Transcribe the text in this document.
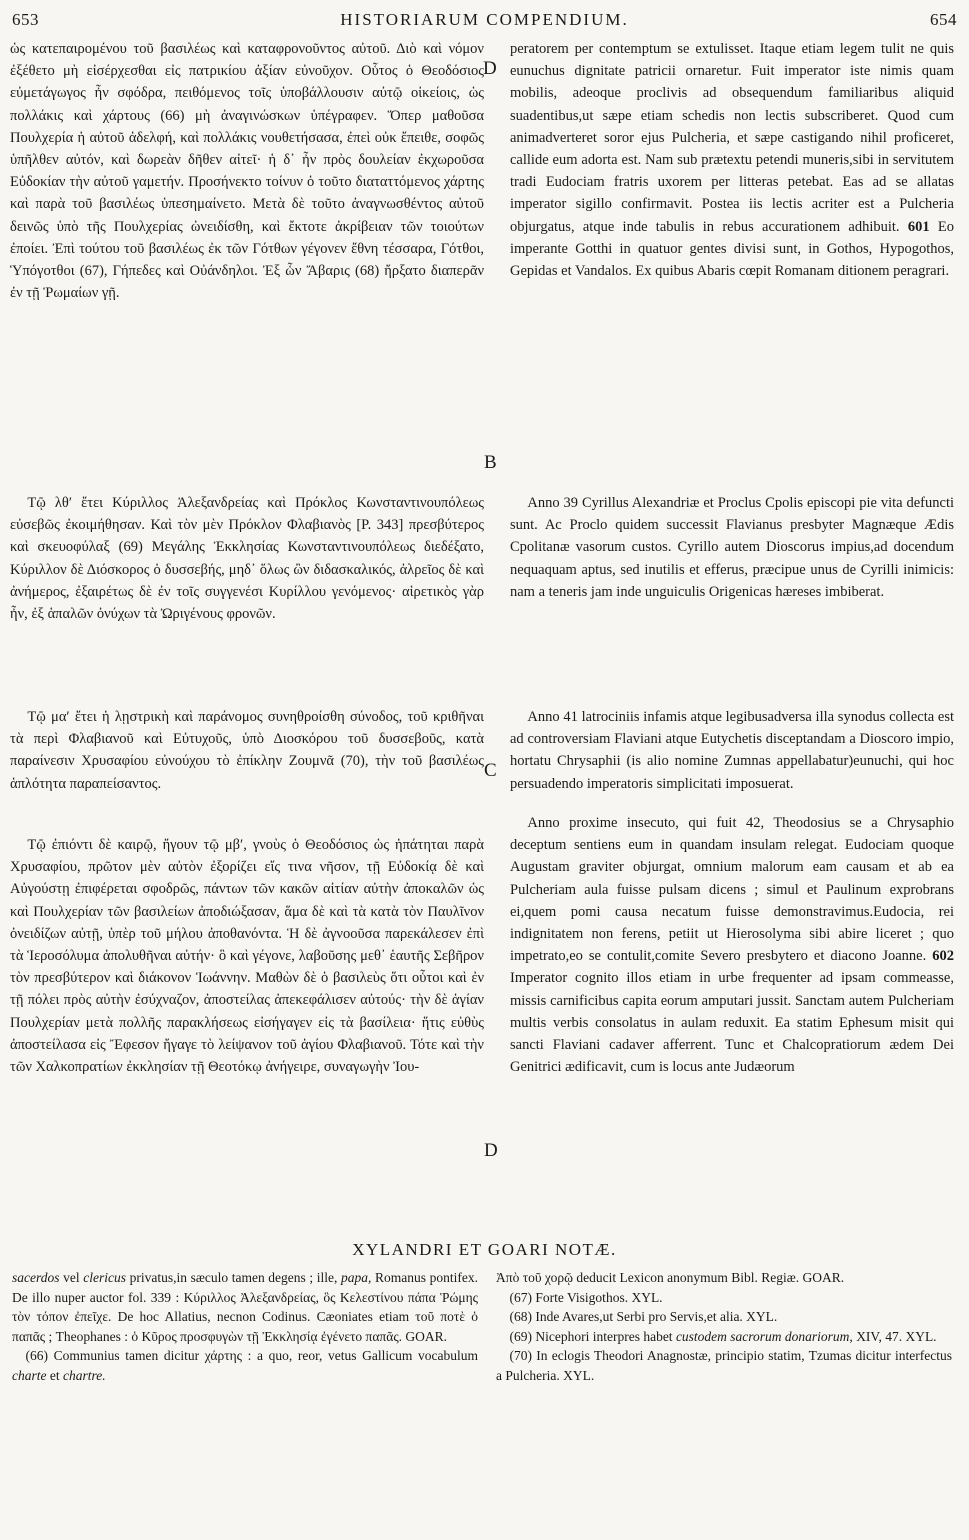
653	HISTORIARUM COMPENDIUM.	654
D
B
C
D

ὡς κατεπαιρομένου τοῦ βασιλέως καὶ καταφρονοῦντος αὐτοῦ. Διὸ καὶ νόμον ἐξέθετο μὴ εἰσέρχεσθαι εἰς πατρικίου ἀξίαν εὐνοῦχον. Οὗτος ὁ Θεοδόσιος εὐμετάγωγος ἦν σφόδρα, πειθόμενος τοῖς ὑποβάλλουσιν αὐτῷ οἰκείοις, ὡς πολλάκις καὶ χάρτους (66) μὴ ἀναγινώσκων ὑπέγραφεν. Ὅπερ μαθοῦσα Πουλχερία ἡ αὐτοῦ ἀδελφή, καὶ πολλάκις νουθετήσασα, ἐπεὶ οὐκ ἔπειθε, σοφῶς ὑπῆλθεν αὐτόν, καὶ δωρεὰν δῆθεν αἰτεῖ· ἡ δ᾽ ἦν πρὸς δουλείαν ἐκχωροῦσα Εὐδοκίαν τὴν αὐτοῦ γαμετήν. Προσήνεκτο τοίνυν ὁ τοῦτο διαταττόμενος χάρτης καὶ παρὰ τοῦ βασιλέως ὑπεσημαίνετο. Μετὰ δὲ τοῦτο ἀναγνωσθέντος αὐτοῦ δεινῶς ὑπὸ τῆς Πουλχερίας ὠνειδίσθη, καὶ ἔκτοτε ἀκρίβειαν τῶν τοιούτων ἐποίει. Ἐπὶ τούτου τοῦ βασιλέως ἐκ τῶν Γότθων γέγονεν ἔθνη τέσσαρα, Γότθοι, Ὑπόγοτθοι (67), Γήπεδες καὶ Οὐάνδηλοι. Ἐξ ὧν Ἄβαρις (68) ἤρξατο διαπερᾶν ἐν τῇ Ῥωμαίων γῇ.

Τῷ λθʹ ἔτει Κύριλλος Ἀλεξανδρείας καὶ Πρόκλος Κωνσταντινουπόλεως εὐσεβῶς ἐκοιμήθησαν. Καὶ τὸν μὲν Πρόκλον Φλαβιανὸς [P. 343] πρεσβύτερος καὶ σκευοφύλαξ (69) Μεγάλης Ἐκκλησίας Κωνσταντινουπόλεως διεδέξατο, Κύριλλον δὲ Διόσκορος ὁ δυσσεβής, μηδ᾽ ὅλως ὢν διδασκαλικός, ἀλρεῖος δὲ καὶ ἀνήμερος, ἐξαιρέτως δὲ ἐν τοῖς συγγενέσι Κυρίλλου γενόμενος· αἱρετικὸς γὰρ ἦν, ἐξ ἁπαλῶν ὀνύχων τὰ Ὠριγένους φρονῶν.

Τῷ μαʹ ἔτει ἡ λῃστρικὴ καὶ παράνομος συνηθροίσθη σύνοδος, τοῦ κριθῆναι τὰ περὶ Φλαβιανοῦ καὶ Εὐτυχοῦς, ὑπὸ Διοσκόρου τοῦ δυσσεβοῦς, κατὰ παραίνεσιν Χρυσαφίου εὐνούχου τὸ ἐπίκλην Ζουμνᾶ (70), τὴν τοῦ βασιλέως ἁπλότητα παραπείσαντος.

Τῷ ἐπιόντι δὲ καιρῷ, ἤγουν τῷ μβʹ, γνοὺς ὁ Θεοδόσιος ὡς ἡπάτηται παρὰ Χρυσαφίου, πρῶτον μὲν αὐτὸν ἐξορίζει εἴς τινα νῆσον, τῇ Εὐδοκίᾳ δὲ καὶ Αὐγούστῃ ἐπιφέρεται σφοδρῶς, πάντων τῶν κακῶν αἰτίαν αὐτὴν ἀποκαλῶν ὡς καὶ Πουλχερίαν τῶν βασιλείων ἀποδιώξασαν, ἅμα δὲ καὶ τὰ κατὰ τὸν Παυλῖνον ὀνειδίζων αὐτῇ, ὑπὲρ τοῦ μήλου ἀποθανόντα. Ἡ δὲ ἀγνοοῦσα παρεκάλεσεν ἐπὶ τὰ Ἱεροσόλυμα ἀπολυθῆναι αὐτήν· ὃ καὶ γέγονε, λαβοῦσης μεθ᾽ ἑαυτῆς Σεβῆρον τὸν πρεσβύτερον καὶ διάκονον Ἰωάννην. Μαθὼν δὲ ὁ βασιλεὺς ὅτι οὗτοι καὶ ἐν τῇ πόλει πρὸς αὐτὴν ἐσύχναζον, ἀποστείλας ἀπεκεφάλισεν αὐτούς· τὴν δὲ ἁγίαν Πουλχερίαν μετὰ πολλῆς παρακλήσεως εἰσήγαγεν εἰς τὰ βασίλεια· ἥτις εὐθὺς ἀποστείλασα εἰς Ἔφεσον ἤγαγε τὸ λείψανον τοῦ ἁγίου Φλαβιανοῦ. Τότε καὶ τὴν τῶν Χαλκοπρατίων ἐκκλησίαν τῇ Θεοτόκῳ ἀνήγειρε, συναγωγὴν Ἰου-

peratorem per contemptum se extulisset. Itaque etiam legem tulit ne quis eunuchus dignitate patricii ornaretur. Fuit imperator iste nimis quam mobilis, adeoque proclivis ad obsequendum familiaribus aliquid suadentibus,ut sæpe etiam schedis non lectis subscriberet. Quod cum animadverteret soror ejus Pulcheria, et sæpe castigando nihil proficeret, callide eum adorta est. Nam sub prætextu petendi muneris,sibi in servitutem tradi Eudociam fratris uxorem per litteras petebat. Eas ad se allatas imperator sigillo confirmavit. Postea iis lectis acriter est a Pulcheria objurgatus, atque inde tabulis in rebus accurationem adhibuit. 601 Eo imperante Gotthi in quatuor gentes divisi sunt, in Gothos, Hypogothos, Gepidas et Vandalos. Ex quibus Abaris cœpit Romanam ditionem peragrari.

Anno 39 Cyrillus Alexandriæ et Proclus Cpolis episcopi pie vita defuncti sunt. Ac Proclo quidem successit Flavianus presbyter Magnæque Ædis Cpolitanæ vasorum custos. Cyrillo autem Dioscorus impius,ad docendum nequaquam aptus, sed inutilis et efferus, præcipue unus de Cyrilli inimicis: nam a teneris jam inde unguiculis Origenicas hæreses imbiberat.

Anno 41 latrociniis infamis atque legibusadversa illa synodus collecta est ad controversiam Flaviani atque Eutychetis disceptandam a Dioscoro impio, hortatu Chrysaphii (is alio nomine Zumnas appellabatur)eunuchi, qui hoc persuadendo imperatoris simplicitati imposuerat.

Anno proxime insecuto, qui fuit 42, Theodosius se a Chrysaphio deceptum sentiens eum in quandam insulam relegat. Eudociam quoque Augustam graviter objurgat, omnium malorum eam causam et ab ea Pulcheriam aula fuisse pulsam dicens ; simul et Paulinum exprobrans ei,quem pomi causa necatum fuisse demonstravimus.Eudocia, rei indignitatem non ferens, petiit ut Hierosolyma sibi abire liceret ; quo impetrato,eo se contulit,comite Severo presbytero et diacono Joanne. 602 Imperator cognito illos etiam in urbe frequenter ad ipsam commeasse, missis carnificibus capita eorum amputari jussit. Sanctam autem Pulcheriam multis verbis consolatus in aulam reduxit. Ea statim Ephesum misit qui sancti Flaviani cadaver afferrent. Tunc et Chalcopratiorum ædem Dei Genitrici ædificavit, cum is locus ante Judæorum

XYLANDRI ET GOARI NOTÆ.

sacerdos vel clericus privatus,in sæculo tamen degens ; ille, papa, Romanus pontifex. De illo nuper auctor fol. 339 : Κύριλλος Ἀλεξανδρείας, ὃς Κελεστίνου πάπα Ῥώμης τὸν τόπον ἐπεῖχε. De hoc Allatius, necnon Codinus. Cæoniates etiam τοῦ ποτὲ ὁ παπᾶς ; Theophanes : ὁ Κῦρος προσφυγὼν τῇ Ἐκκλησίᾳ ἐγένετο παπᾶς. GOAR.

(66) Communius tamen dicitur χάρτης : a quo, reor, vetus Gallicum vocabulum charte et chartre.

Ἀπὸ τοῦ χορῷ deducit Lexicon anonymum Bibl. Regiæ. GOAR.

(67) Forte Visigothos. XYL.

(68) Inde Avares,ut Serbi pro Servis,et alia. XYL.

(69) Nicephori interpres habet custodem sacrorum donariorum, XIV, 47. XYL.

(70) In eclogis Theodori Anagnostæ, principio statim, Tzumas dicitur interfectus a Pulcheria. XYL.
